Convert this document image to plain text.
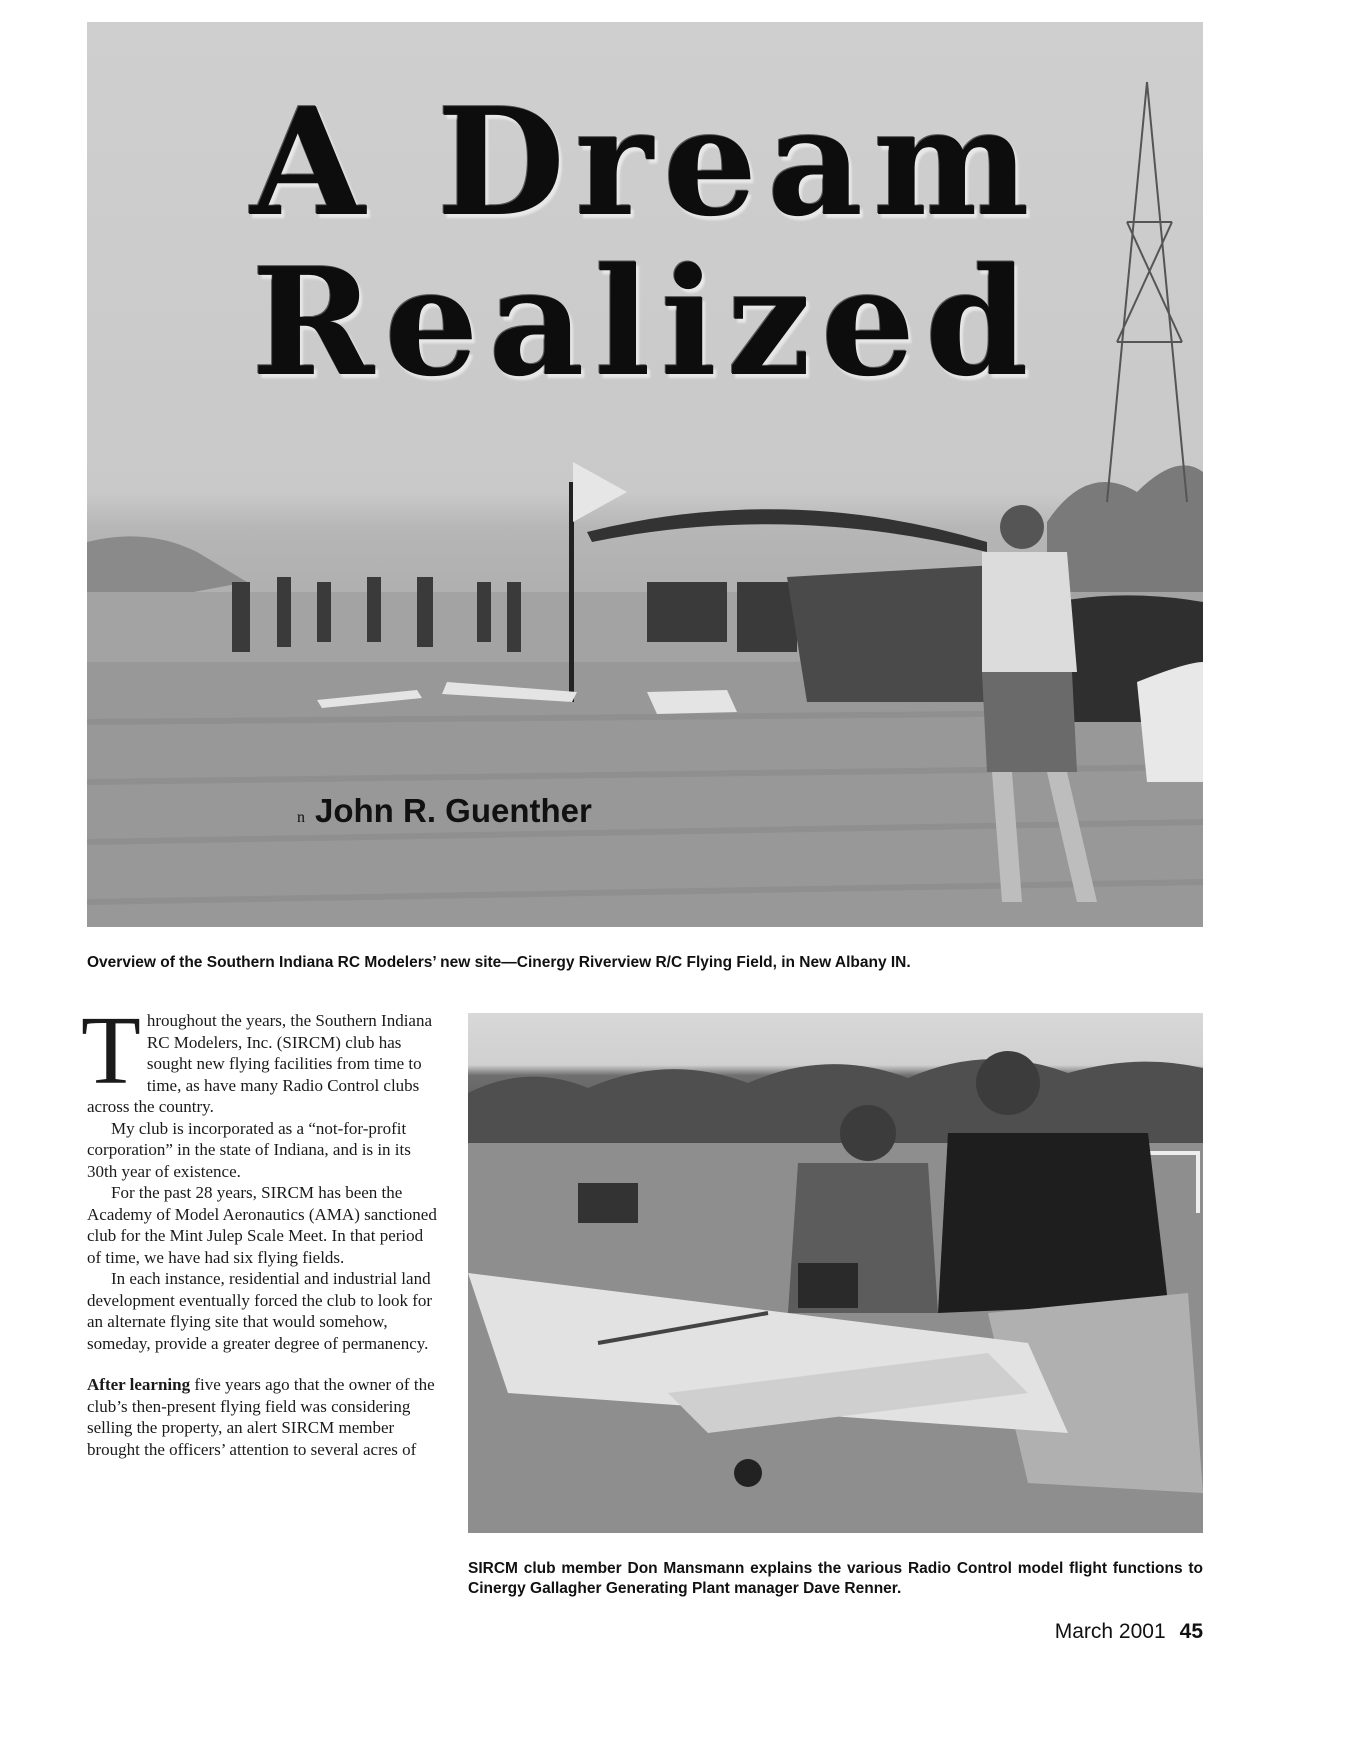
A Dream
Realized
n John R. Guenther
Overview of the Southern Indiana RC Modelers’ new site—Cinergy Riverview R/C Flying Field, in New Albany IN.

Throughout the years, the Southern Indiana RC Modelers, Inc. (SIRCM) club has sought new flying facilities from time to time, as have many Radio Control clubs across the country.

My club is incorporated as a “not-for-profit corporation” in the state of Indiana, and is in its 30th year of existence.

For the past 28 years, SIRCM has been the Academy of Model Aeronautics (AMA) sanctioned club for the Mint Julep Scale Meet. In that period of time, we have had six flying fields.

In each instance, residential and industrial land development eventually forced the club to look for an alternate flying site that would somehow, someday, provide a greater degree of permanency.

After learning five years ago that the owner of the club’s then-present flying field was considering selling the property, an alert SIRCM member brought the officers’ attention to several acres of

SIRCM club member Don Mansmann explains the various Radio Control model flight functions to Cinergy Gallagher Generating Plant manager Dave Renner.
March 2001 45
